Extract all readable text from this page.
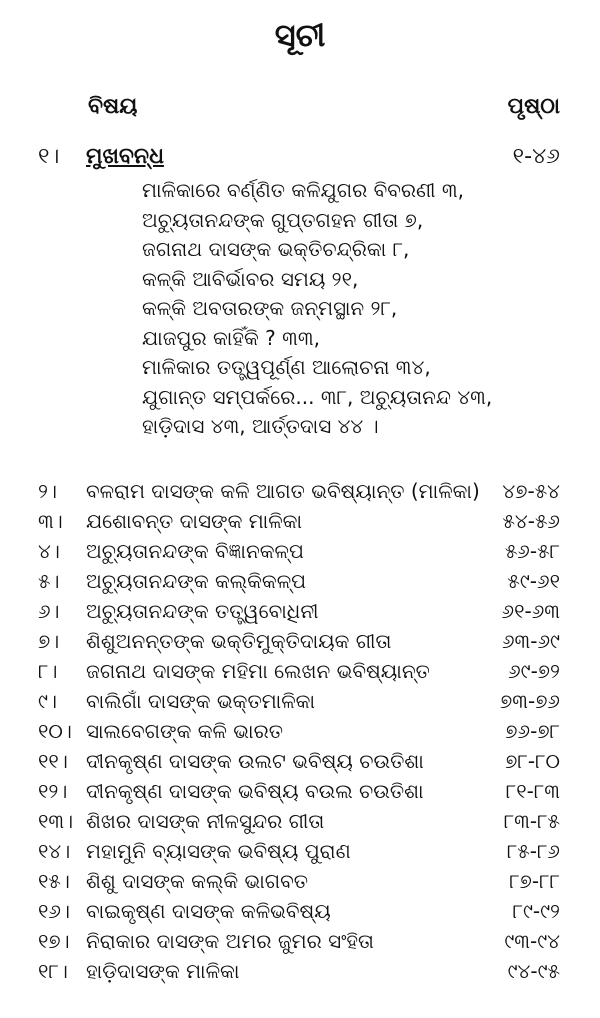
ସୂଚୀ
ବିଷୟ	ପୃଷ୍ଠା
୧। ମୁଖବନ୍ଧ	୧-୪୬
ମାଳିକାରେ ବର୍ଣ୍ଣିତ କଳିଯୁଗର ବିବରଣୀ ୩,
ଅଚ୍ୟୁତାନନ୍ଦଙ୍କ ଗୁପ୍ତଗହନ ଗୀତା ୭,
ଜଗନାଥ ଦାସଙ୍କ ଭକ୍ତିଚନ୍ଦ୍ରିକା ୮,
କଳ୍କି ଆବିର୍ଭାବର ସମୟ ୨୧,
କଳ୍କି ଅବତାରଙ୍କ ଜନ୍ମସ୍ଥାନ ୨୮,
ଯାଜପୁର କାହିଁକି ? ୩୩,
ମାଳିକାର ତତ୍ତ୍ୱପୂର୍ଣ୍ଣ ଆଲୋଚନା ୩୪,
ଯୁଗାନ୍ତ ସମ୍ପର୍କରେ... ୩୮, ଅଚ୍ୟୁତାନନ୍ଦ ୪୩,
ହାଡ଼ିଦାସ ୪୩, ଆର୍ତ୍ତଦାସ ୪୪ ।
୨। ବଳରାମ ଦାସଙ୍କ କଳି ଆଗତ ଭବିଷ୍ୟାନ୍ତ (ମାଳିକା) ୪୭-୫୪
୩। ଯଶୋବନ୍ତ ଦାସଙ୍କ ମାଳିକା	୫୪-୫୬
୪। ଅଚ୍ୟୁତାନନ୍ଦଙ୍କ ବିଜ୍ଞାନକଳ୍ପ	୫୬-୫୮
୫। ଅଚ୍ୟୁତାନନ୍ଦଙ୍କ କଲ୍କିକଳ୍ପ	୫୯-୬୧
୬। ଅଚ୍ୟୁତାନନ୍ଦଙ୍କ ତତ୍ତ୍ୱବୋଧିନୀ	୬୧-୬୩
୭। ଶିଶୁଅନନ୍ତଙ୍କ ଭକ୍ତିମୁକ୍ତିଦାୟକ ଗୀତା	୬୩-୬୯
୮। ଜଗନାଥ ଦାସଙ୍କ ମହିମା ଲେଖନ ଭବିଷ୍ୟାନ୍ତ	୬୯-୭୨
୯। ବାଲିଗାଁ ଦାସଙ୍କ ଭକ୍ତମାଳିକା	୭୩-୭୬
୧୦। ସାଲବେଗଙ୍କ କଳି ଭାରତ	୭୬-୭୮
୧୧। ଦୀନକୃଷ୍ଣ ଦାସଙ୍କ ଉଲଟ ଭବିଷ୍ୟ ଚଉତିଶା	୭୮-୮୦
୧୨। ଦୀନକୃଷ୍ଣ ଦାସଙ୍କ ଭବିଷ୍ୟ ବଉଲ ଚଉତିଶା	୮୧-୮୩
୧୩। ଶିଖର ଦାସଙ୍କ ନୀଳସୁନ୍ଦର ଗୀତା	୮୩-୮୫
୧୪। ମହାମୁନି ବ୍ୟାସଙ୍କ ଭବିଷ୍ୟ ପୁରାଣ	୮୫-୮୬
୧୫। ଶିଶୁ ଦାସଙ୍କ କଲ୍କି ଭାଗବତ	୮୭-୮୮
୧୬। ବାଇକୃଷ୍ଣ ଦାସଙ୍କ କଳିଭବିଷ୍ୟ	୮୯-୯୨
୧୭। ନିରାକାର ଦାସଙ୍କ ଅମର ଜୁମର ସଂହିତା	୯୩-୯୪
୧୮। ହାଡ଼ିଦାସଙ୍କ ମାଳିକା	୯୪-୯୫
